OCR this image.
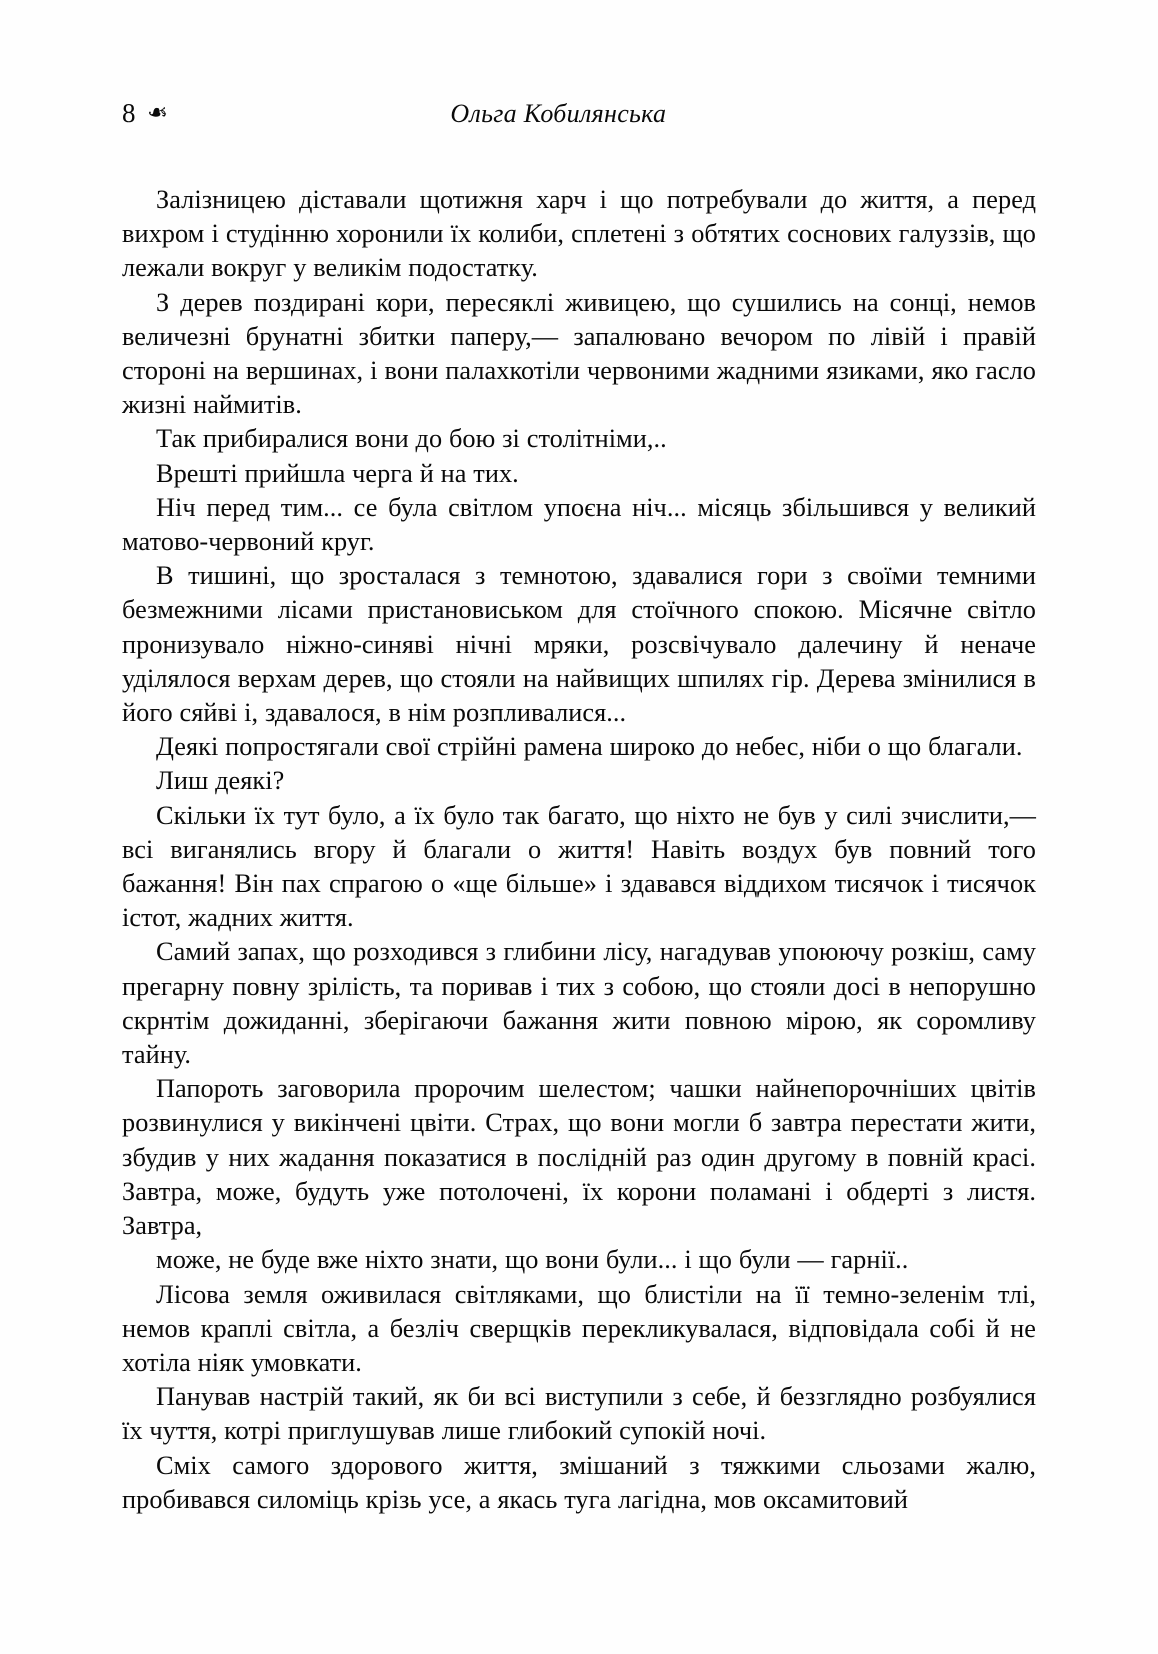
8 ❧	Ольга Кобилянська

Залізницею діставали щотижня харч і що потребували до життя, а перед вихром і студінню хоронили їх колиби, сплетені з обтятих соснових галуззів, що лежали вокруг у великім подостатку.

З дерев поздирані кори, пересяклі живицею, що сушились на сонці, немов величезні брунатні збитки паперу,— запалювано вечором по лівій і правій стороні на вершинах, і вони палахкотіли червоними жадними язиками, яко гасло жизні наймитів.

Так прибиралися вони до бою зі столітніми,..

Врешті прийшла черга й на тих.

Ніч перед тим... се була світлом упоєна ніч... місяць збільшився у великий матово-червоний круг.

В тишині, що зросталася з темнотою, здавалися гори з своїми темними безмежними лісами пристановиськом для стоїчного спокою. Місячне світло пронизувало ніжно-синяві нічні мряки, розсвічувало далечину й неначе уділялося верхам дерев, що стояли на найвищих шпилях гір. Дерева змінилися в його сяйві і, здавалося, в нім розпливалися...

Деякі попростягали свої стрійні рамена широко до небес, ніби о що благали.

Лиш деякі?

Скільки їх тут було, а їх було так багато, що ніхто не був у силі зчислити,— всі виганялись вгору й благали о життя! Навіть воздух був повний того бажання! Він пах спрагою о «ще більше» і здавався віддихом тисячок і тисячок істот, жадних життя.

Самий запах, що розходився з глибини лісу, нагадував упоюючу розкіш, саму прегарну повну зрілість, та поривав і тих з собою, що стояли досі в непорушно скрнтім дожиданні, зберігаючи бажання жити повною мірою, як соромливу тайну.

Папороть заговорила пророчим шелестом; чашки найнепорочніших цвітів розвинулися у викінчені цвіти. Страх, що вони могли б завтра перестати жити, збудив у них жадання показатися в послідній раз один другому в повній красі. Завтра, може, будуть уже потолочені, їх корони поламані і обдерті з листя. Завтра,

може, не буде вже ніхто знати, що вони були... і що були — гарнії..

Лісова земля оживилася світляками, що блистіли на її темно-зеленім тлі, немов краплі світла, а безліч сверщків перекликувалася, відповідала собі й не хотіла ніяк умовкати.

Панував настрій такий, як би всі виступили з себе, й беззглядно розбуялися їх чуття, котрі приглушував лише глибокий супокій ночі.

Сміх самого здорового життя, змішаний з тяжкими сльозами жалю, пробивався силоміць крізь усе, а якась туга лагідна, мов оксамитовий
